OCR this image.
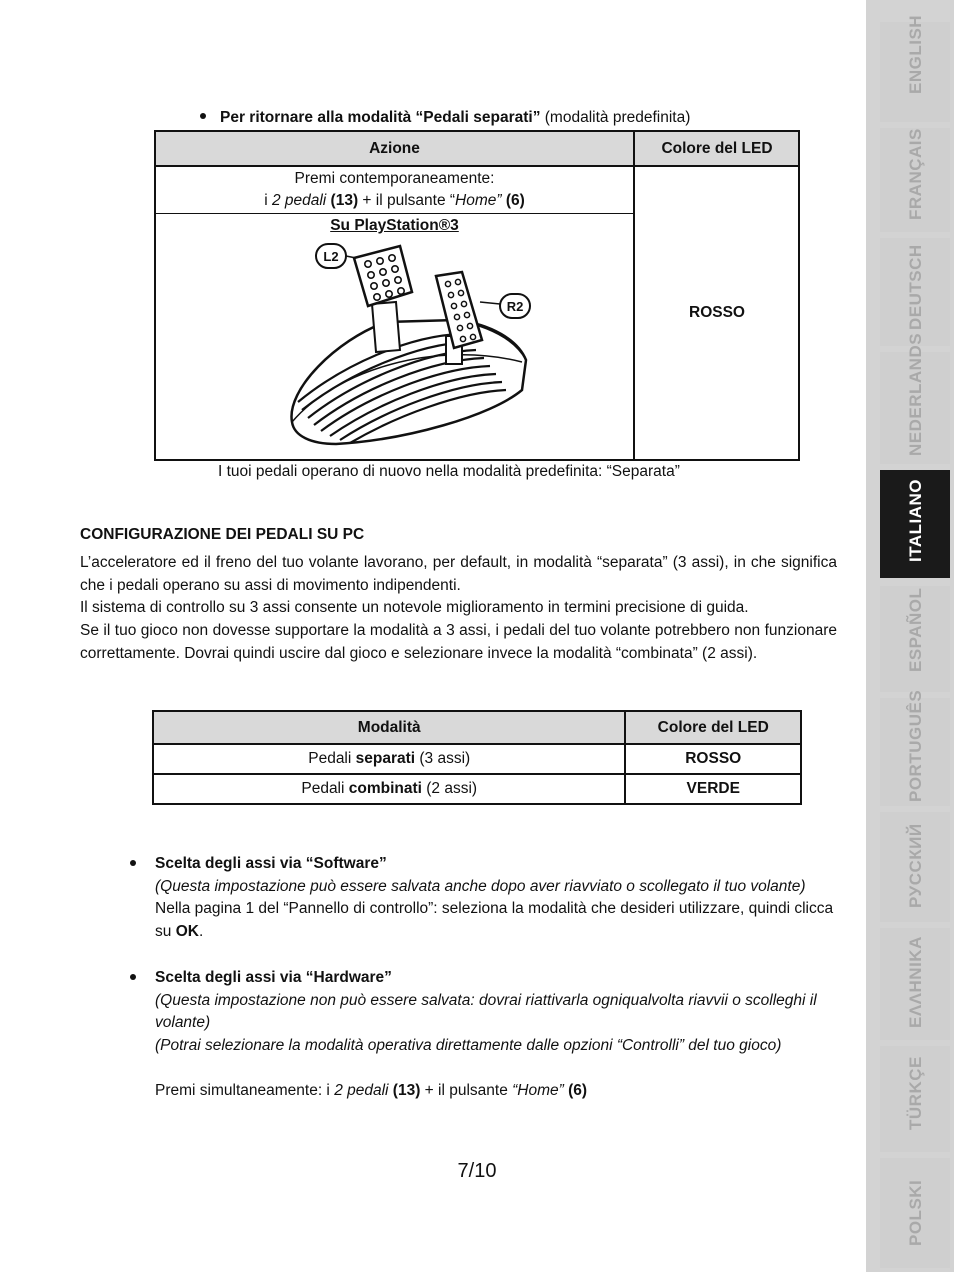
Per ritornare alla modalità “Pedali separati” (modalità predefinita)
Azione	Colore del LED
Premi contemporaneamente:
i 2 pedali (13) + il pulsante “Home” (6)
Su PlayStation®3
L2
R2	ROSSO
I tuoi pedali operano di nuovo nella modalità predefinita: “Separata”
CONFIGURAZIONE DEI PEDALI SU PC
L’acceleratore ed il freno del tuo volante lavorano, per default, in modalità “separata” (3 assi), in che significa che i pedali operano su assi di movimento indipendenti.
Il sistema di controllo su 3 assi consente un notevole miglioramento in termini precisione di guida.
Se il tuo gioco non dovesse supportare la modalità a 3 assi, i pedali del tuo volante potrebbero non funzionare correttamente. Dovrai quindi uscire dal gioco e selezionare invece la modalità “combinata” (2 assi).
Modalità	Colore del LED
Pedali separati (3 assi)	ROSSO
Pedali combinati (2 assi)	VERDE
Scelta degli assi via “Software”
(Questa impostazione può essere salvata anche dopo aver riavviato o scollegato il tuo volante)
Nella pagina 1 del “Pannello di controllo”: seleziona la modalità che desideri utilizzare, quindi clicca su OK.
Scelta degli assi via “Hardware”
(Questa impostazione non può essere salvata: dovrai riattivarla ogniqualvolta riavvii o scolleghi il volante)
(Potrai selezionare la modalità operativa direttamente dalle opzioni “Controlli” del tuo gioco)

Premi simultaneamente: i 2 pedali (13) + il pulsante “Home” (6)
7/10
ENGLISH
FRANÇAIS
DEUTSCH
NEDERLANDS
ITALIANO
ESPAÑOL
PORTUGUÊS
РУССКИЙ
ΕΛΛΗΝΙΚΑ
TÜRKÇE
POLSKI
